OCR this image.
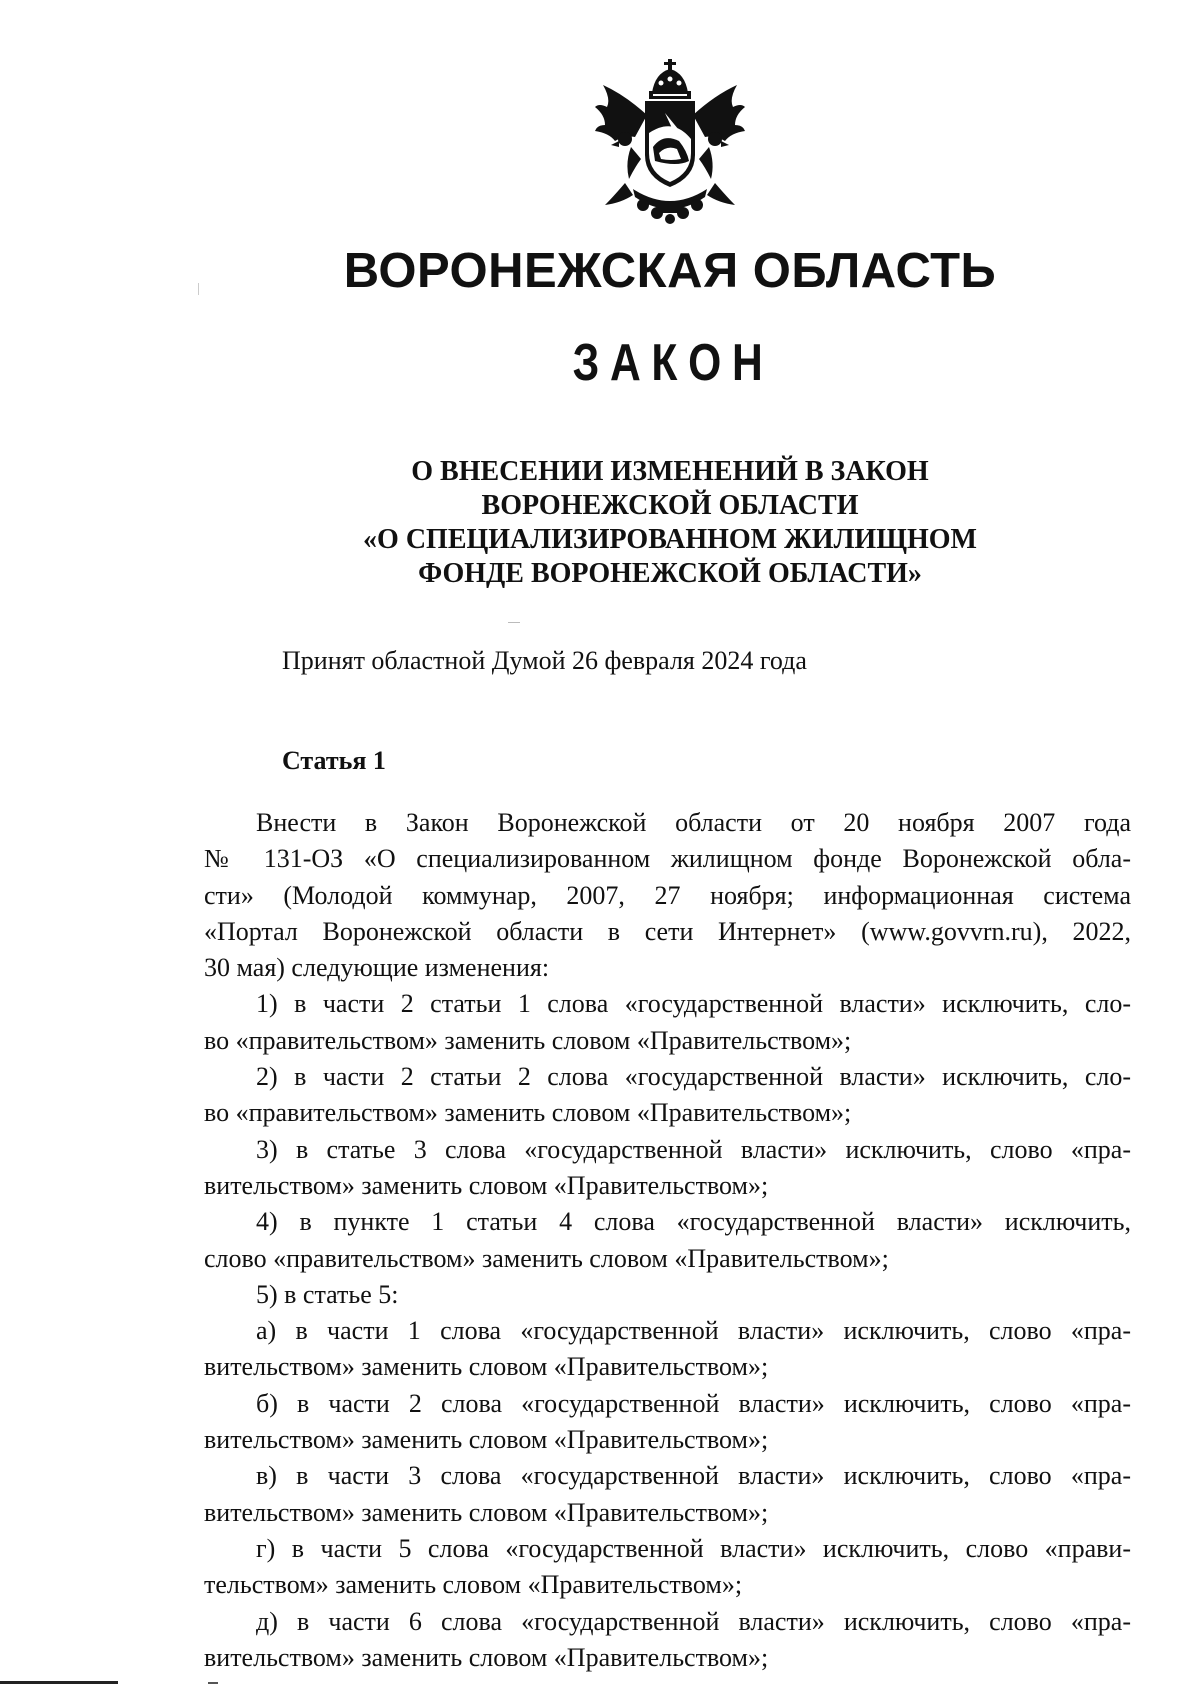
ВОРОНЕЖСКАЯ ОБЛАСТЬ
ЗАКОН
О ВНЕСЕНИИ ИЗМЕНЕНИЙ В ЗАКОН
ВОРОНЕЖСКОЙ ОБЛАСТИ
«О СПЕЦИАЛИЗИРОВАННОМ ЖИЛИЩНОМ
ФОНДЕ ВОРОНЕЖСКОЙ ОБЛАСТИ»
Принят областной Думой 26 февраля 2024 года
Статья 1
Внести в Закон Воронежской области от 20 ноября 2007 года
№ 131-ОЗ «О специализированном жилищном фонде Воронежской обла-
сти» (Молодой коммунар, 2007, 27 ноября; информационная система
«Портал Воронежской области в сети Интернет» (www.govvrn.ru), 2022,
30 мая) следующие изменения:
1) в части 2 статьи 1 слова «государственной власти» исключить, сло-
во «правительством» заменить словом «Правительством»;
2) в части 2 статьи 2 слова «государственной власти» исключить, сло-
во «правительством» заменить словом «Правительством»;
3) в статье 3 слова «государственной власти» исключить, слово «пра-
вительством» заменить словом «Правительством»;
4) в пункте 1 статьи 4 слова «государственной власти» исключить,
слово «правительством» заменить словом «Правительством»;
5) в статье 5:
а) в части 1 слова «государственной власти» исключить, слово «пра-
вительством» заменить словом «Правительством»;
б) в части 2 слова «государственной власти» исключить, слово «пра-
вительством» заменить словом «Правительством»;
в) в части 3 слова «государственной власти» исключить, слово «пра-
вительством» заменить словом «Правительством»;
г) в части 5 слова «государственной власти» исключить, слово «прави-
тельством» заменить словом «Правительством»;
д) в части 6 слова «государственной власти» исключить, слово «пра-
вительством» заменить словом «Правительством»;
